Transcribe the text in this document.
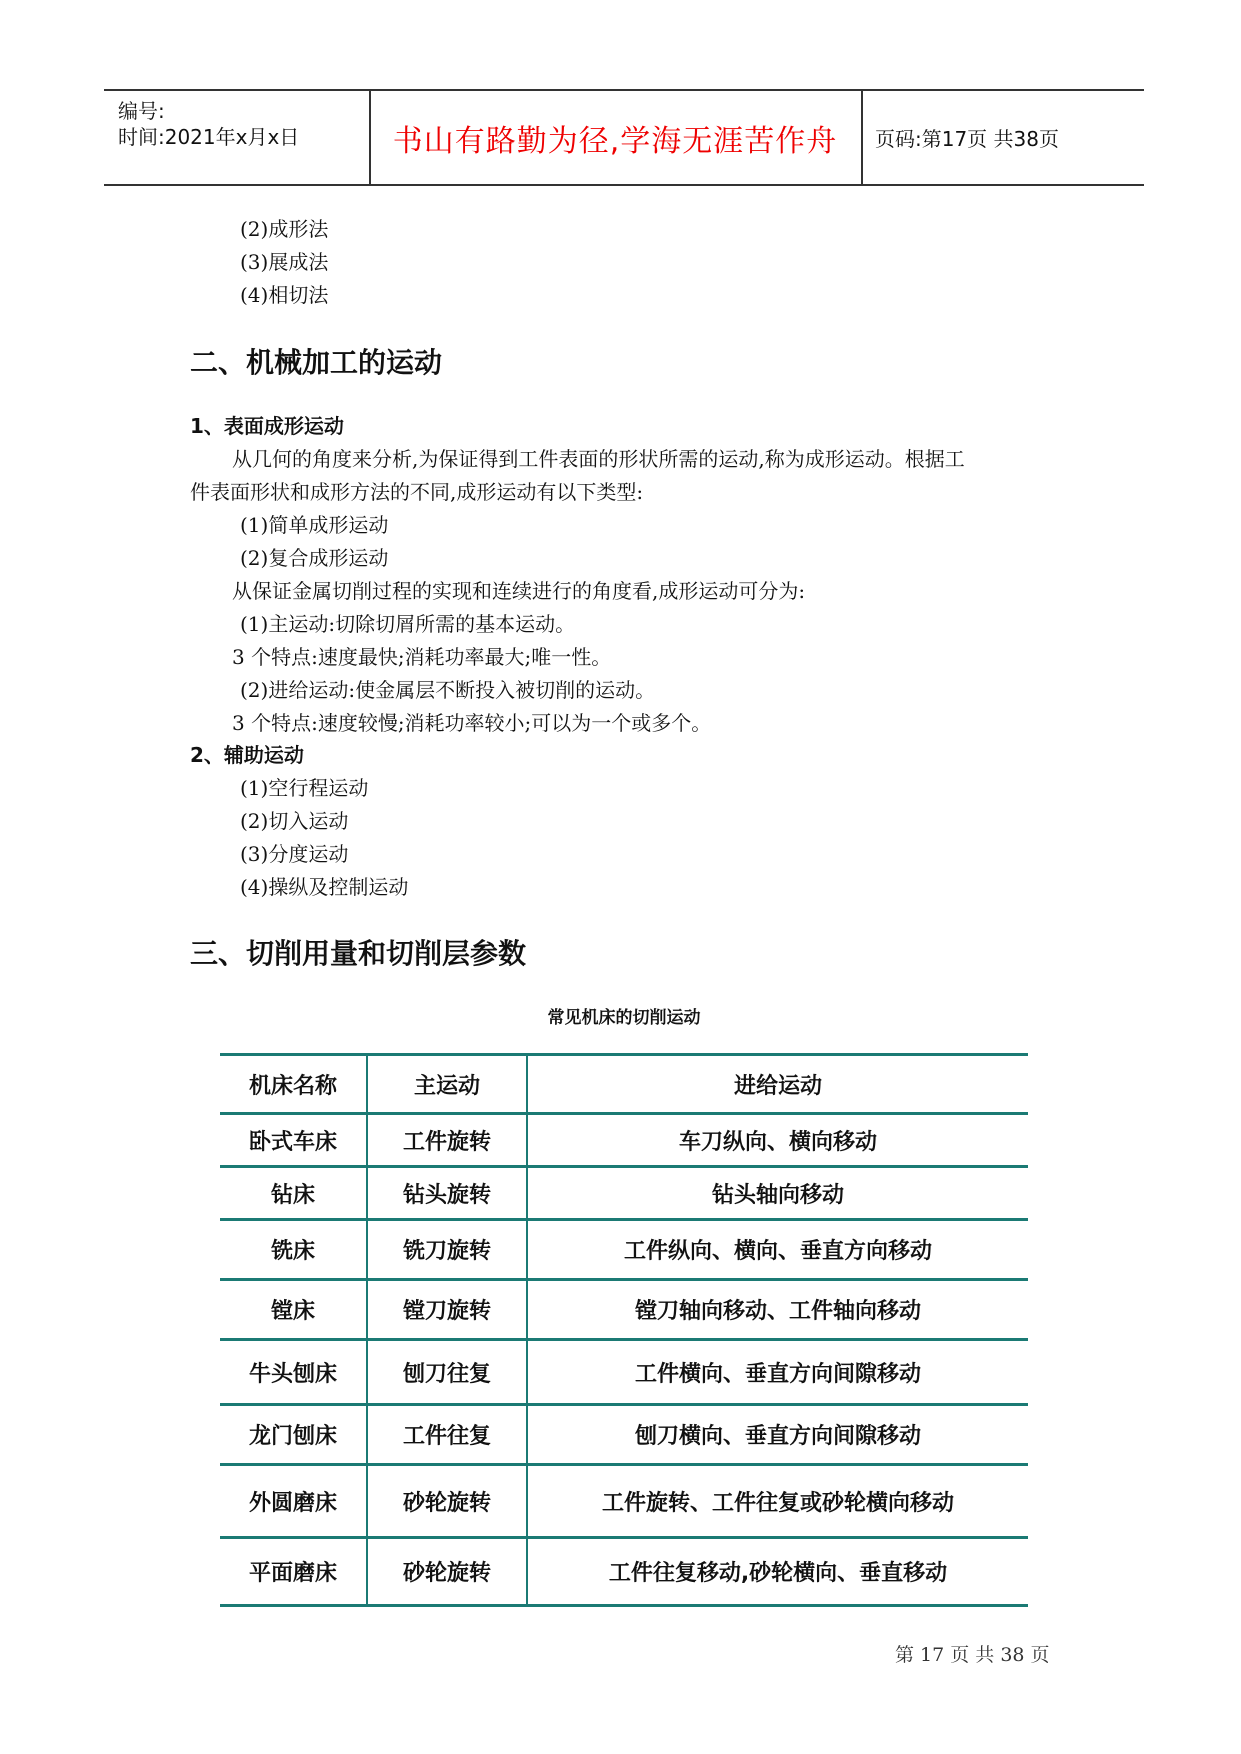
编号:
时间:2021年x月x日	书山有路勤为径,学海无涯苦作舟 页码:第17页 共38页
(2)成形法
(3)展成法
(4)相切法
二、机械加工的运动
1、表面成形运动
从几何的角度来分析,为保证得到工件表面的形状所需的运动,称为成形运动。根据工
件表面形状和成形方法的不同,成形运动有以下类型:
(1)简单成形运动
(2)复合成形运动
从保证金属切削过程的实现和连续进行的角度看,成形运动可分为:
(1)主运动:切除切屑所需的基本运动。
3 个特点:速度最快;消耗功率最大;唯一性。
(2)进给运动:使金属层不断投入被切削的运动。
3 个特点:速度较慢;消耗功率较小;可以为一个或多个。
2、辅助运动
(1)空行程运动
(2)切入运动
(3)分度运动
(4)操纵及控制运动
三、切削用量和切削层参数
常见机床的切削运动
机床名称	主运动	进给运动
卧式车床	工件旋转	车刀纵向、横向移动
钻床	钻头旋转	钻头轴向移动
铣床	铣刀旋转	工件纵向、横向、垂直方向移动
镗床	镗刀旋转	镗刀轴向移动、工件轴向移动
牛头刨床	刨刀往复	工件横向、垂直方向间隙移动
龙门刨床	工件往复	刨刀横向、垂直方向间隙移动
外圆磨床	砂轮旋转	工件旋转、工件往复或砂轮横向移动
平面磨床	砂轮旋转	工件往复移动,砂轮横向、垂直移动
第 17 页 共 38 页
